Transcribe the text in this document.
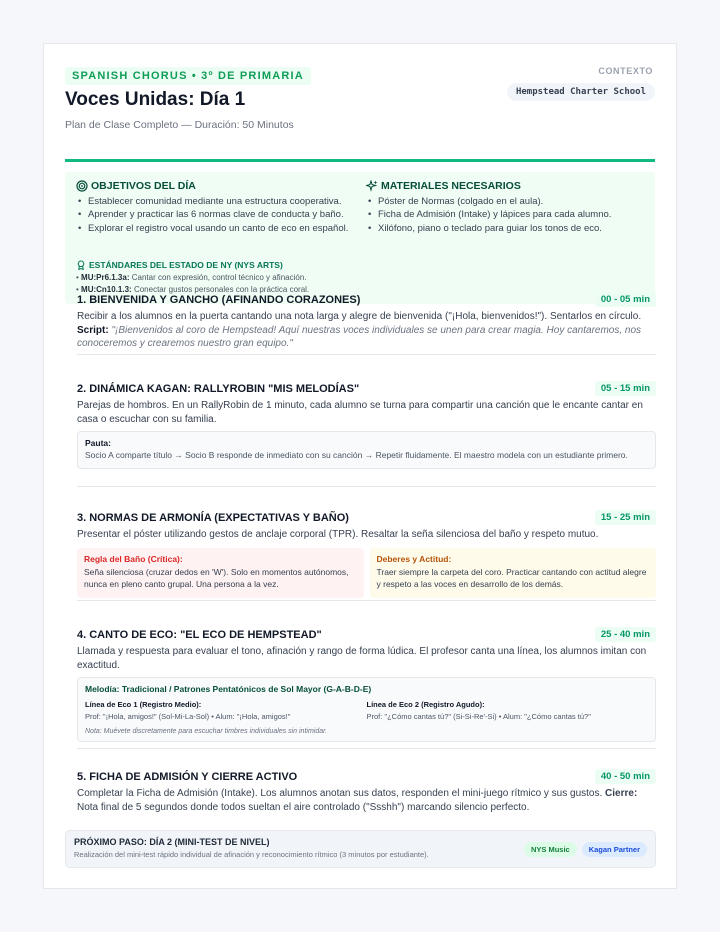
SPANISH CHORUS • 3º DE PRIMARIA
Voces Unidas: Día 1
Plan de Clase Completo — Duración: 50 Minutos
CONTEXTO
Hempstead Charter School
OBJETIVOS DEL DÍA
• Establecer comunidad mediante una estructura cooperativa.
• Aprender y practicar las 6 normas clave de conducta y baño.
• Explorar el registro vocal usando un canto de eco en español.
MATERIALES NECESARIOS
• Póster de Normas (colgado en el aula).
• Ficha de Admisión (Intake) y lápices para cada alumno.
• Xilófono, piano o teclado para guiar los tonos de eco.
ESTÁNDARES DEL ESTADO DE NY (NYS ARTS)
• MU:Pr6.1.3a: Cantar con expresión, control técnico y afinación.
• MU:Cn10.1.3: Conectar gustos personales con la práctica coral.
1. BIENVENIDA Y GANCHO (AFINANDO CORAZONES)	00 - 05 min
Recibir a los alumnos en la puerta cantando una nota larga y alegre de bienvenida ("¡Hola, bienvenidos!"). Sentarlos en círculo.
Script: "¡Bienvenidos al coro de Hempstead! Aquí nuestras voces individuales se unen para crear magia. Hoy cantaremos, nos conoceremos y crearemos nuestro gran equipo."
2. DINÁMICA KAGAN: RALLYROBIN "MIS MELODÍAS"	05 - 15 min
Parejas de hombros. En un RallyRobin de 1 minuto, cada alumno se turna para compartir una canción que le encante cantar en casa o escuchar con su familia.
Pauta:
Socio A comparte título → Socio B responde de inmediato con su canción → Repetir fluidamente. El maestro modela con un estudiante primero.
3. NORMAS DE ARMONÍA (EXPECTATIVAS Y BAÑO)	15 - 25 min
Presentar el póster utilizando gestos de anclaje corporal (TPR). Resaltar la seña silenciosa del baño y respeto mutuo.
Regla del Baño (Crítica):
Seña silenciosa (cruzar dedos en 'W'). Solo en momentos autónomos, nunca en pleno canto grupal. Una persona a la vez.
Deberes y Actitud:
Traer siempre la carpeta del coro. Practicar cantando con actitud alegre y respeto a las voces en desarrollo de los demás.
4. CANTO DE ECO: "EL ECO DE HEMPSTEAD"	25 - 40 min
Llamada y respuesta para evaluar el tono, afinación y rango de forma lúdica. El profesor canta una línea, los alumnos imitan con exactitud.
Melodía: Tradicional / Patrones Pentatónicos de Sol Mayor (G-A-B-D-E)
Línea de Eco 1 (Registro Medio):
Prof: "¡Hola, amigos!" (Sol-Mi-La-Sol) • Alum: "¡Hola, amigos!"
Línea de Eco 2 (Registro Agudo):
Prof: "¿Cómo cantas tú?" (Si-Si-Re'-Si) • Alum: "¿Cómo cantas tú?"
Nota: Muévete discretamente para escuchar timbres individuales sin intimidar.
5. FICHA DE ADMISIÓN Y CIERRE ACTIVO	40 - 50 min
Completar la Ficha de Admisión (Intake). Los alumnos anotan sus datos, responden el mini-juego rítmico y sus gustos. Cierre: Nota final de 5 segundos donde todos sueltan el aire controlado ("Ssshh") marcando silencio perfecto.
PRÓXIMO PASO: DÍA 2 (MINI-TEST DE NIVEL)
Realización del mini-test rápido individual de afinación y reconocimiento rítmico (3 minutos por estudiante).
NYS Music	Kagan Partner
